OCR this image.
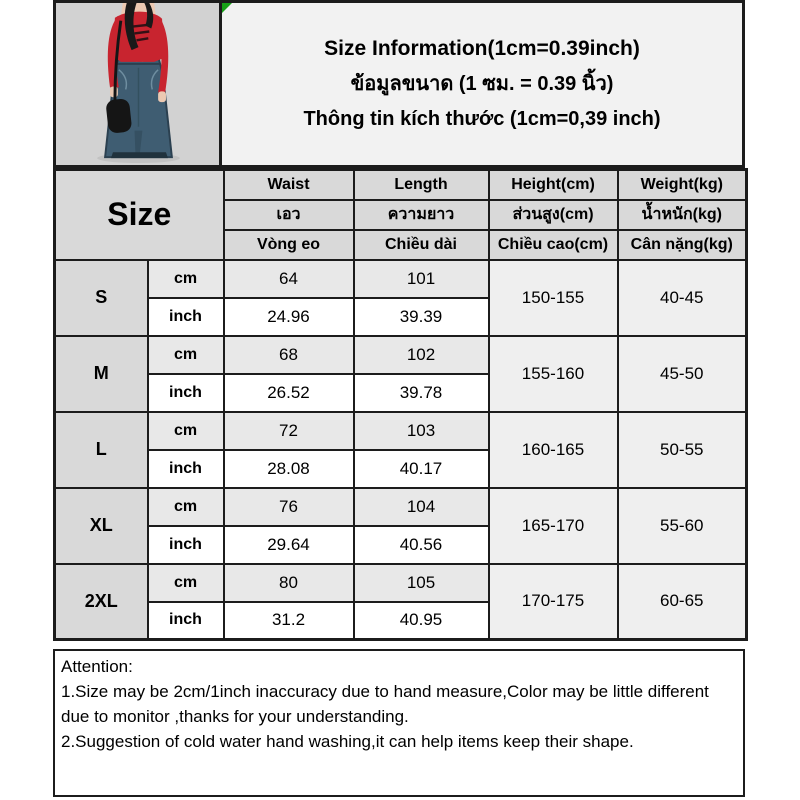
Size Information(1cm=0.39inch)
ข้อมูลขนาด (1 ซม. = 0.39 นิ้ว)
Thông tin kích thước (1cm=0,39 inch)
Size		Waist	Length	Height(cm)	Weight(kg)
		เอว	ความยาว	ส่วนสูง(cm)	น้ำหนัก(kg)
		Vòng eo	Chiều dài	Chiều cao(cm)	Cân nặng(kg)
S	cm	64	101	150-155	40-45
	inch	24.96	39.39		
M	cm	68	102	155-160	45-50
	inch	26.52	39.78		
L	cm	72	103	160-165	50-55
	inch	28.08	40.17		
XL	cm	76	104	165-170	55-60
	inch	29.64	40.56		
2XL	cm	80	105	170-175	60-65
	inch	31.2	40.95		
Attention:
1.Size may be 2cm/1inch inaccuracy due to hand measure,Color may be little different due to monitor ,thanks for your understanding.
2.Suggestion of cold water hand washing,it can help items keep their shape.
